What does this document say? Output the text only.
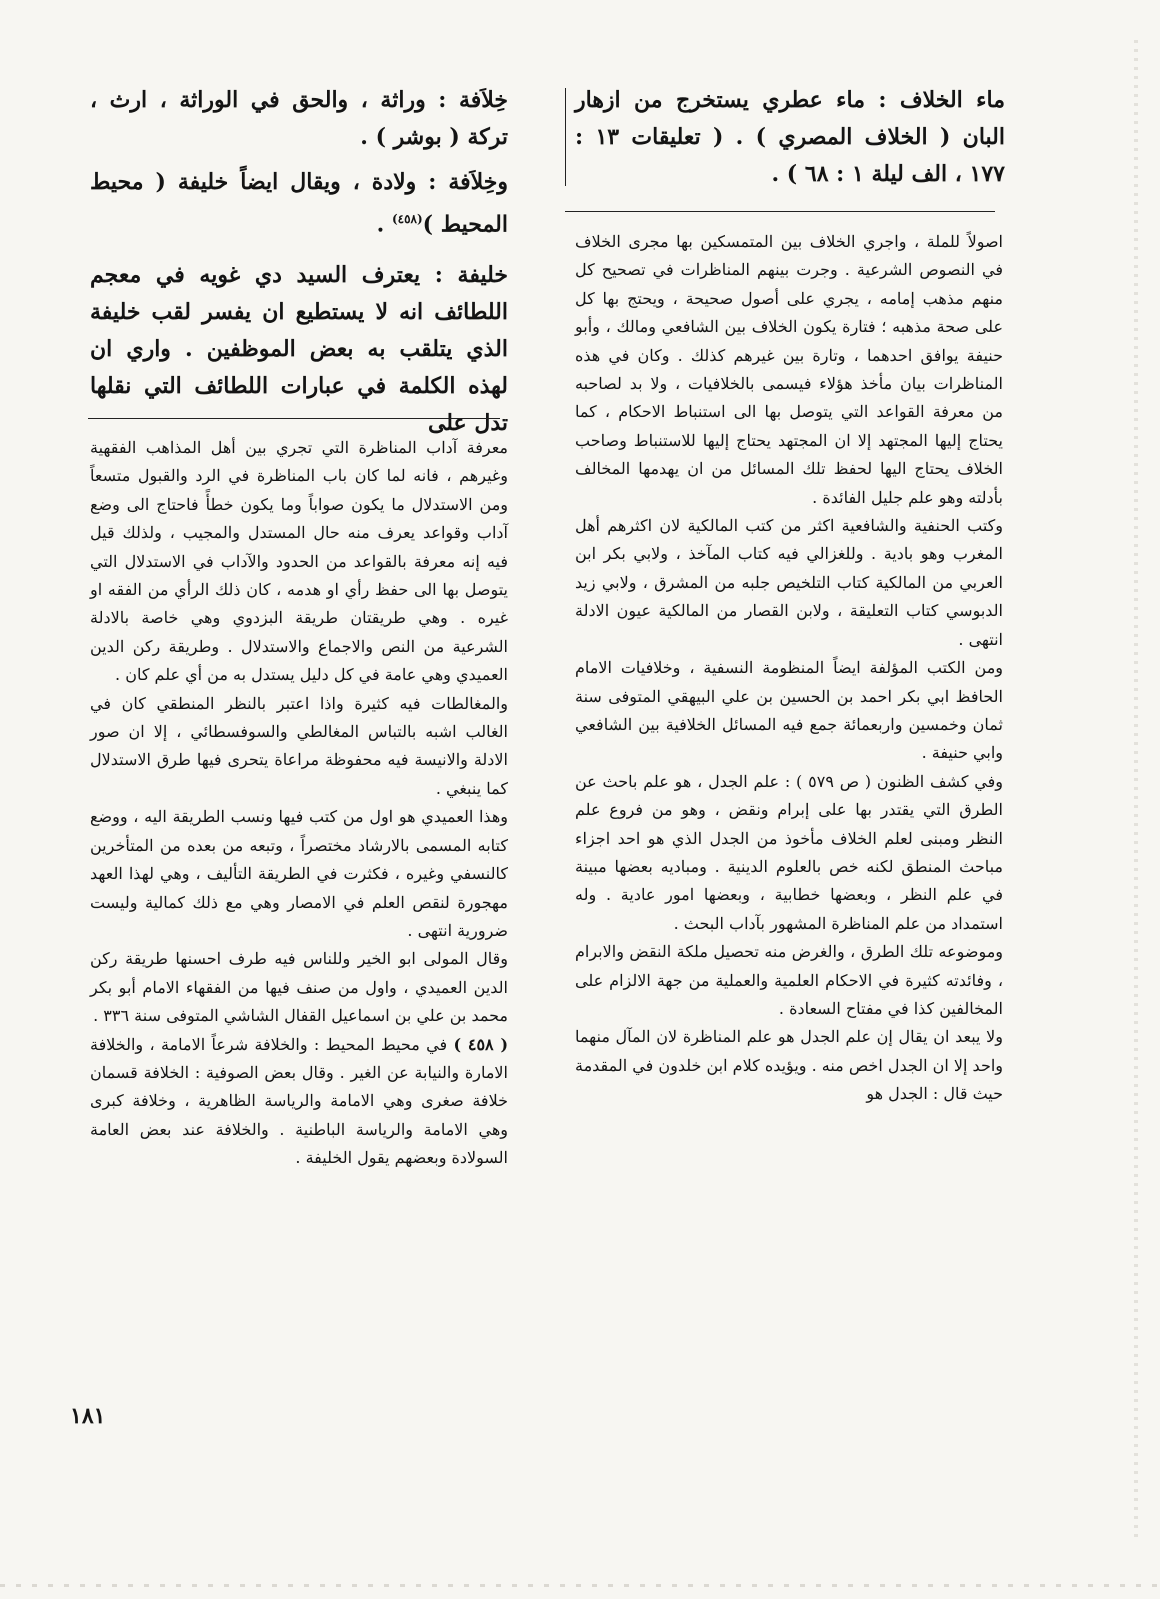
ماء الخلاف : ماء عطري يستخرج من ازهار البان ( الخلاف المصري ) . ( تعليقات ١٣ : ١٧٧ ، الف ليلة ١ : ٦٨ ) .

اصولاً للملة ، واجري الخلاف بين المتمسكين بها مجرى الخلاف في النصوص الشرعية . وجرت بينهم المناظرات في تصحيح كل منهم مذهب إمامه ، يجري على أصول صحيحة ، ويحتج بها كل على صحة مذهبه ؛ فتارة يكون الخلاف بين الشافعي ومالك ، وأبو حنيفة يوافق احدهما ، وتارة بين غيرهم كذلك . وكان في هذه المناظرات بيان مأخذ هؤلاء فيسمى بالخلافيات ، ولا بد لصاحبه من معرفة القواعد التي يتوصل بها الى استنباط الاحكام ، كما يحتاج إليها المجتهد إلا ان المجتهد يحتاج إليها للاستنباط وصاحب الخلاف يحتاج اليها لحفظ تلك المسائل من ان يهدمها المخالف بأدلته وهو علم جليل الفائدة .

وكتب الحنفية والشافعية اكثر من كتب المالكية لان اكثرهم أهل المغرب وهو بادية . وللغزالي فيه كتاب المآخذ ، ولابي بكر ابن العربي من المالكية كتاب التلخيص جلبه من المشرق ، ولابي زيد الدبوسي كتاب التعليقة ، ولابن القصار من المالكية عيون الادلة انتهى .

ومن الكتب المؤلفة ايضاً المنظومة النسفية ، وخلافيات الامام الحافظ ابي بكر احمد بن الحسين بن علي البيهقي المتوفى سنة ثمان وخمسين واربعمائة جمع فيه المسائل الخلافية بين الشافعي وابي حنيفة .

وفي كشف الظنون ( ص ٥٧٩ ) : علم الجدل ، هو علم باحث عن الطرق التي يقتدر بها على إبرام ونقض ، وهو من فروع علم النظر ومبنى لعلم الخلاف مأخوذ من الجدل الذي هو احد اجزاء مباحث المنطق لكنه خص بالعلوم الدينية . ومباديه بعضها مبينة في علم النظر ، وبعضها خطابية ، وبعضها امور عادية . وله استمداد من علم المناظرة المشهور بآداب البحث .

وموضوعه تلك الطرق ، والغرض منه تحصيل ملكة النقض والابرام ، وفائدته كثيرة في الاحكام العلمية والعملية من جهة الالزام على المخالفين كذا في مفتاح السعادة .

ولا يبعد ان يقال إن علم الجدل هو علم المناظرة لان المآل منهما واحد إلا ان الجدل اخص منه . ويؤيده كلام ابن خلدون في المقدمة حيث قال : الجدل هو

خِلاَفة : وراثة ، والحق في الوراثة ، ارث ، تركة ( بوشر ) .

وخِلاَفة : ولادة ، ويقال ايضاً خليفة ( محيط المحيط )$^{(٤٥٨)}$ .

خليفة : يعترف السيد دي غويه في معجم اللطائف انه لا يستطيع ان يفسر لقب خليفة الذي يتلقب به بعض الموظفين . واري ان لهذه الكلمة في عبارات اللطائف التي نقلها تدل على

معرفة آداب المناظرة التي تجري بين أهل المذاهب الفقهية وغيرهم ، فانه لما كان باب المناظرة في الرد والقبول متسعاً ومن الاستدلال ما يكون صواباً وما يكون خطأً فاحتاج الى وضع آداب وقواعد يعرف منه حال المستدل والمجيب ، ولذلك قيل فيه إنه معرفة بالقواعد من الحدود والآداب في الاستدلال التي يتوصل بها الى حفظ رأي او هدمه ، كان ذلك الرأي من الفقه او غيره . وهي طريقتان طريقة البزدوي وهي خاصة بالادلة الشرعية من النص والاجماع والاستدلال . وطريقة ركن الدين العميدي وهي عامة في كل دليل يستدل به من أي علم كان .

والمغالطات فيه كثيرة واذا اعتبر بالنظر المنطقي كان في الغالب اشبه بالتباس المغالطي والسوفسطائي ، إلا ان صور الادلة والانيسة فيه محفوظة مراعاة يتحرى فيها طرق الاستدلال كما ينبغي .

وهذا العميدي هو اول من كتب فيها ونسب الطريقة اليه ، ووضع كتابه المسمى بالارشاد مختصراً ، وتبعه من بعده من المتأخرين كالنسفي وغيره ، فكثرت في الطريقة التأليف ، وهي لهذا العهد مهجورة لنقص العلم في الامصار وهي مع ذلك كمالية وليست ضرورية انتهى .

وقال المولى ابو الخير وللناس فيه طرف احسنها طريقة ركن الدين العميدي ، واول من صنف فيها من الفقهاء الامام أبو بكر محمد بن علي بن اسماعيل القفال الشاشي المتوفى سنة ٣٣٦ .

( ٤٥٨ ) في محيط المحيط : والخلافة شرعاً الامامة ، والخلافة الامارة والنيابة عن الغير . وقال بعض الصوفية : الخلافة قسمان خلافة صغرى وهي الامامة والرياسة الظاهرية ، وخلافة كبرى وهي الامامة والرياسة الباطنية . والخلافة عند بعض العامة السولادة وبعضهم يقول الخليفة .

١٨١
